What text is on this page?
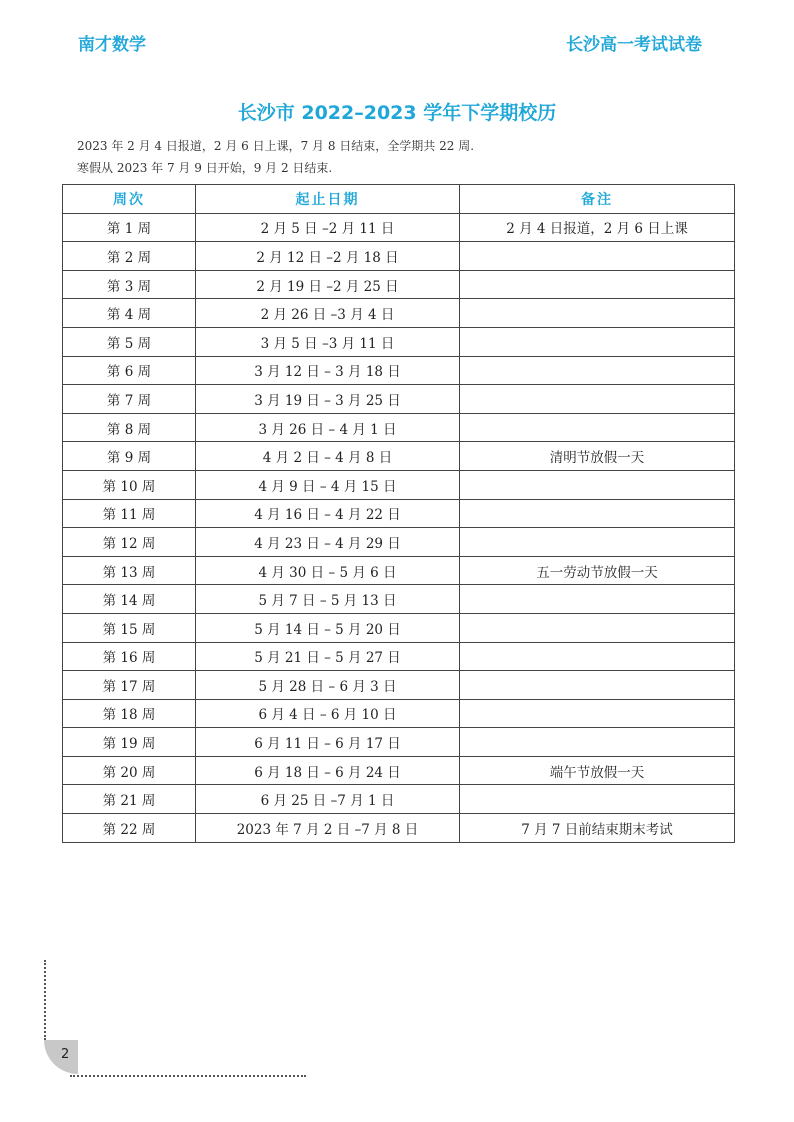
南才数学	长沙高一考试试卷
长沙市 2022–2023 学年下学期校历
2023 年 2 月 4 日报道，2 月 6 日上课，7 月 8 日结束，全学期共 22 周.
寒假从 2023 年 7 月 9 日开始，9 月 2 日结束.
周次	起止日期	备注
第 1 周	2 月 5 日 –2 月 11 日	2 月 4 日报道，2 月 6 日上课
第 2 周	2 月 12 日 –2 月 18 日	
第 3 周	2 月 19 日 –2 月 25 日	
第 4 周	2 月 26 日 –3 月 4 日	
第 5 周	3 月 5 日 –3 月 11 日	
第 6 周	3 月 12 日 – 3 月 18 日	
第 7 周	3 月 19 日 – 3 月 25 日	
第 8 周	3 月 26 日 – 4 月 1 日	
第 9 周	4 月 2 日 – 4 月 8 日	清明节放假一天
第 10 周	4 月 9 日 – 4 月 15 日	
第 11 周	4 月 16 日 – 4 月 22 日	
第 12 周	4 月 23 日 – 4 月 29 日	
第 13 周	4 月 30 日 – 5 月 6 日	五一劳动节放假一天
第 14 周	5 月 7 日 – 5 月 13 日	
第 15 周	5 月 14 日 – 5 月 20 日	
第 16 周	5 月 21 日 – 5 月 27 日	
第 17 周	5 月 28 日 – 6 月 3 日	
第 18 周	6 月 4 日 – 6 月 10 日	
第 19 周	6 月 11 日 – 6 月 17 日	
第 20 周	6 月 18 日 – 6 月 24 日	端午节放假一天
第 21 周	6 月 25 日 –7 月 1 日	
第 22 周	2023 年 7 月 2 日 –7 月 8 日	7 月 7 日前结束期末考试
2
